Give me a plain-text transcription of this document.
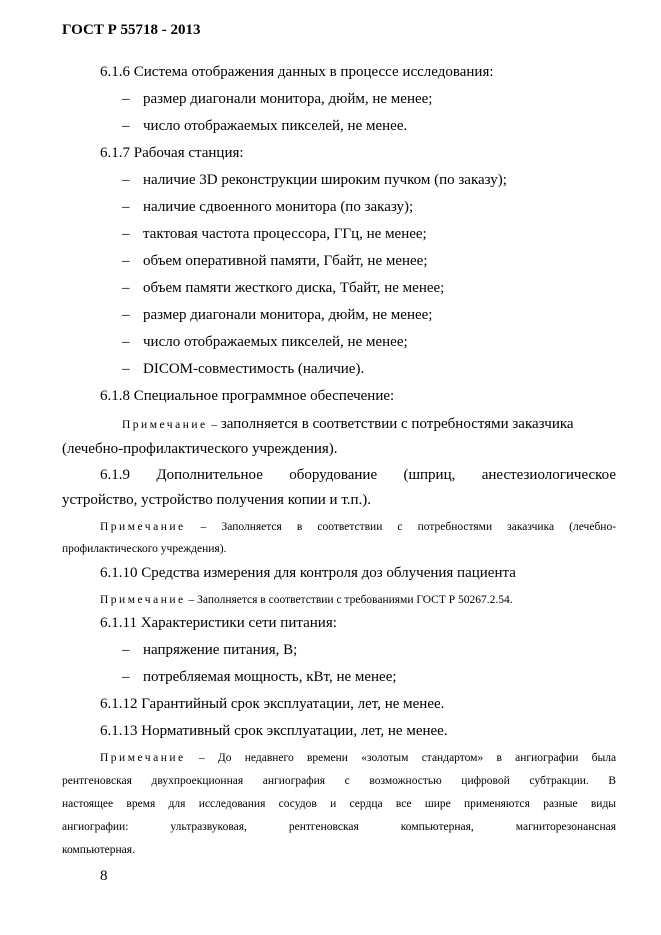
ГОСТ Р 55718 - 2013
6.1.6 Система отображения данных в процессе исследования:
– размер диагонали монитора, дюйм, не менее;
– число отображаемых пикселей, не менее.
6.1.7 Рабочая станция:
– наличие 3D реконструкции широким пучком (по заказу);
– наличие сдвоенного монитора (по заказу);
– тактовая частота процессора, ГГц, не менее;
– объем оперативной памяти, Гбайт, не менее;
– объем памяти жесткого диска, Тбайт, не менее;
– размер диагонали монитора, дюйм, не менее;
– число отображаемых пикселей, не менее;
– DICOM-совместимость (наличие).
6.1.8 Специальное программное обеспечение:
Примечание – заполняется в соответствии с потребностями заказчика
(лечебно-профилактического учреждения).
6.1.9 Дополнительное оборудование (шприц, анестезиологическое
устройство, устройство получения копии и т.п.).
Примечание – Заполняется в соответствии с потребностями заказчика (лечебно-
профилактического учреждения).
6.1.10 Средства измерения для контроля доз облучения пациента
Примечание – Заполняется в соответствии с требованиями ГОСТ Р 50267.2.54.
6.1.11 Характеристики сети питания:
– напряжение питания, В;
– потребляемая мощность, кВт, не менее;
6.1.12 Гарантийный срок эксплуатации, лет, не менее.
6.1.13 Нормативный срок эксплуатации, лет, не менее.
Примечание – До недавнего времени «золотым стандартом» в ангиографии была
рентгеновская двухпроекционная ангиография с возможностью цифровой субтракции. В
настоящее время для исследования сосудов и сердца все шире применяются разные виды
ангиографии:	ультразвуковая,	рентгеновская	компьютерная,	магниторезонансная
компьютерная.
8
